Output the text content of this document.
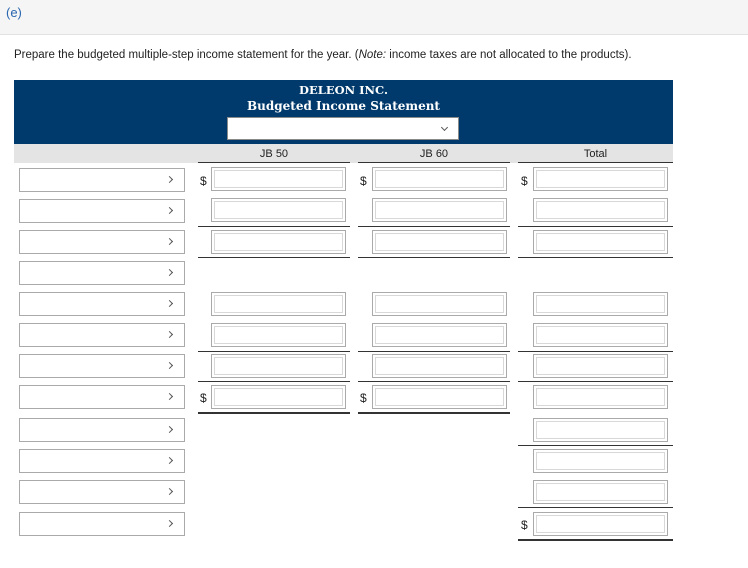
(e)
Prepare the budgeted multiple-step income statement for the year. (Note: income taxes are not allocated to the products).
DELEON INC.
Budgeted Income Statement
JB 50	JB 60	Total
$
$
$
$
$
$
